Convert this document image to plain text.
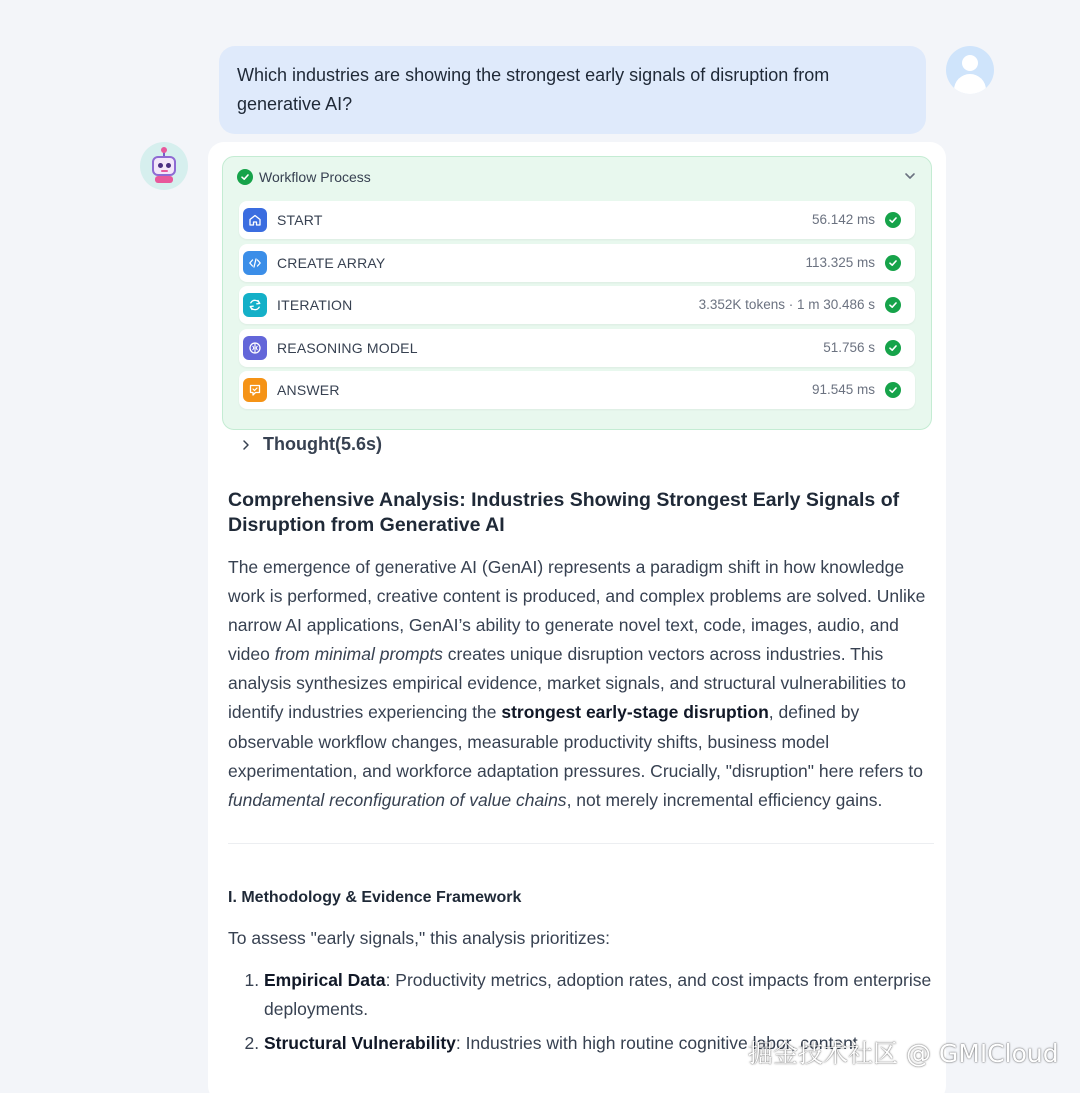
Which industries are showing the strongest early signals of disruption from generative AI?
Workflow Process
START	56.142 ms
CREATE ARRAY	113.325 ms
ITERATION	3.352K tokens · 1 m 30.486 s
REASONING MODEL	51.756 s
ANSWER	91.545 ms
Thought(5.6s)
Comprehensive Analysis: Industries Showing Strongest Early Signals of Disruption from Generative AI

The emergence of generative AI (GenAI) represents a paradigm shift in how knowledge work is performed, creative content is produced, and complex problems are solved. Unlike narrow AI applications, GenAI’s ability to generate novel text, code, images, audio, and video from minimal prompts creates unique disruption vectors across industries. This analysis synthesizes empirical evidence, market signals, and structural vulnerabilities to identify industries experiencing the strongest early-stage disruption, defined by observable workflow changes, measurable productivity shifts, business model experimentation, and workforce adaptation pressures. Crucially, "disruption" here refers to fundamental reconfiguration of value chains, not merely incremental efficiency gains.

I. Methodology & Evidence Framework

To assess "early signals," this analysis prioritizes:

1. Empirical Data: Productivity metrics, adoption rates, and cost impacts from enterprise deployments.
2. Structural Vulnerability: Industries with high routine cognitive labor, content
掘金技术社区 @ GMICloud
